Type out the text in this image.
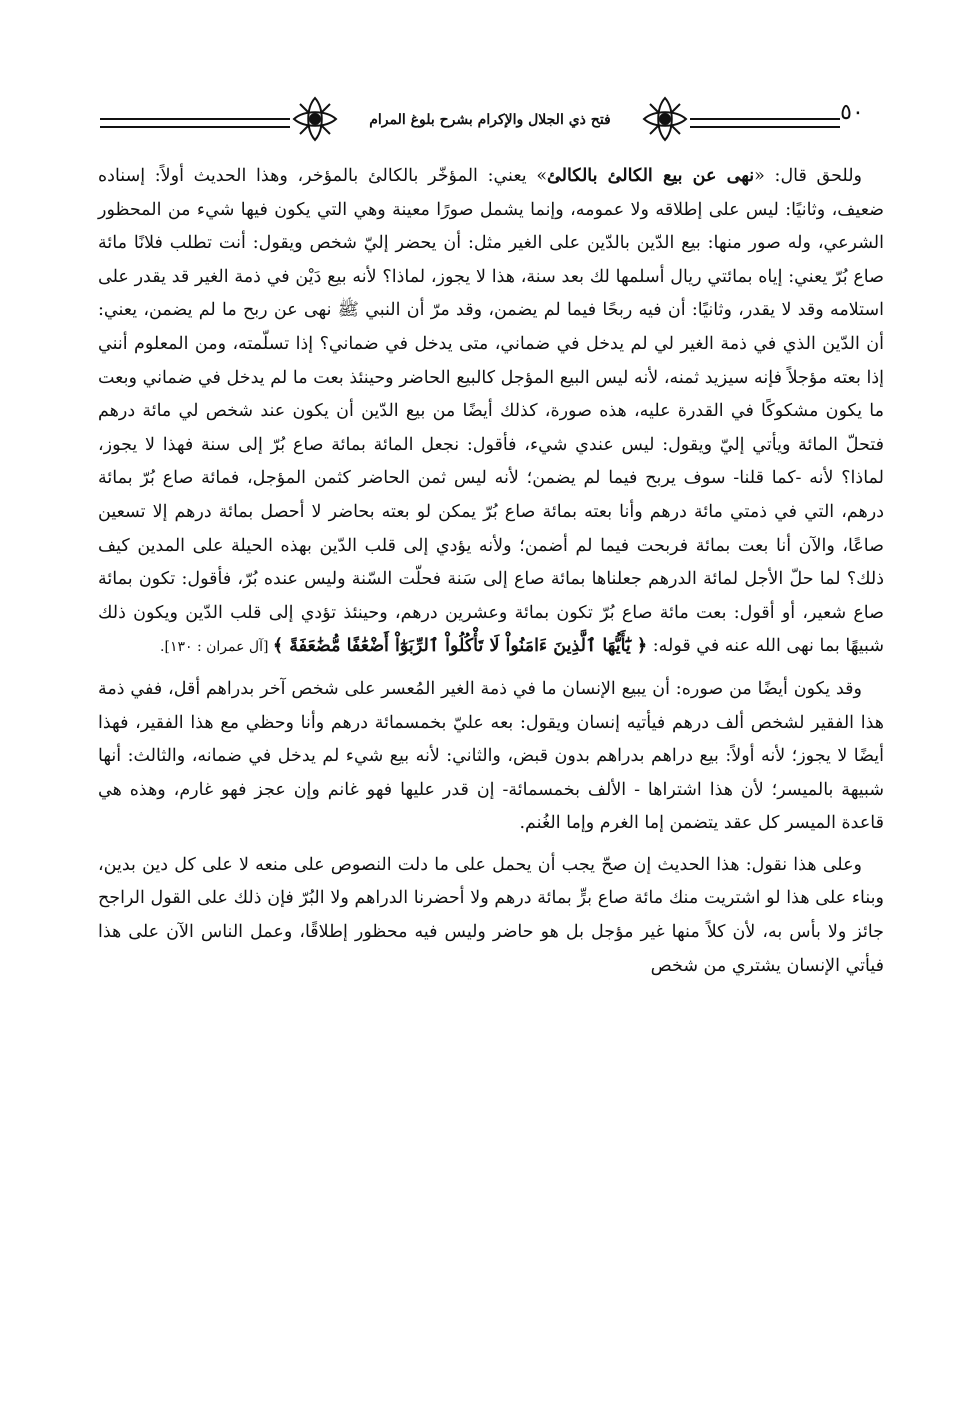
فتح ذي الجلال والإكرام بشرح بلوغ المرام	٥٠

وللحق قال: «نهى عن بيع الكالئ بالكالئ» يعني: المؤخّر بالكالئ بالمؤخر، وهذا الحديث أولاً: إسناده ضعيف، وثانيًا: ليس على إطلاقه ولا عمومه، وإنما يشمل صورًا معينة وهي التي يكون فيها شيء من المحظور الشرعي، وله صور منها: بيع الدّين بالدّين على الغير مثل: أن يحضر إليّ شخص ويقول: أنت تطلب فلانًا مائة صاع بُرّ يعني: إياه بمائتي ريال أسلمها لك بعد سنة، هذا لا يجوز، لماذا؟ لأنه بيع دَيْن في ذمة الغير قد يقدر على استلامه وقد لا يقدر، وثانيًا: أن فيه ربحًا فيما لم يضمن، وقد مرّ أن النبي ﷺ نهى عن ربح ما لم يضمن، يعني: أن الدّين الذي في ذمة الغير لي لم يدخل في ضماني، متى يدخل في ضماني؟ إذا تسلّمته، ومن المعلوم أنني إذا بعته مؤجلاً فإنه سيزيد ثمنه، لأنه ليس البيع المؤجل كالبيع الحاضر وحينئذ بعت ما لم يدخل في ضماني وبعت ما يكون مشكوكًا في القدرة عليه، هذه صورة، كذلك أيضًا من بيع الدّين أن يكون عند شخص لي مائة درهم فتحلّ المائة ويأتي إليّ ويقول: ليس عندي شيء، فأقول: نجعل المائة بمائة صاع بُرّ إلى سنة فهذا لا يجوز، لماذا؟ لأنه -كما قلنا- سوف يربح فيما لم يضمن؛ لأنه ليس ثمن الحاضر كثمن المؤجل، فمائة صاع بُرّ بمائة درهم، التي في ذمتي مائة درهم وأنا بعته بمائة صاع بُرّ يمكن لو بعته بحاضر لا أحصل بمائة درهم إلا تسعين صاعًا، والآن أنا بعت بمائة فربحت فيما لم أضمن؛ ولأنه يؤدي إلى قلب الدّين بهذه الحيلة على المدين كيف ذلك؟ لما حلّ الأجل لمائة الدرهم جعلناها بمائة صاع إلى سَنة فحلّت السّنة وليس عنده بُرّ، فأقول: تكون بمائة صاع شعير، أو أقول: بعت مائة صاع بُرّ تكون بمائة وعشرين درهم، وحينئذ تؤدي إلى قلب الدّين ويكون ذلك شبيهًا بما نهى الله عنه في قوله: ﴿ يَٰٓأَيُّهَا ٱلَّذِينَ ءَامَنُواْ لَا تَأْكُلُواْ ٱلرِّبَوٰٓاْ أَضْعَٰفًا مُّضَٰعَفَةً ﴾ [آل عمران : ١٣٠].

وقد يكون أيضًا من صوره: أن يبيع الإنسان ما في ذمة الغير المُعسر على شخص آخر بدراهم أقل، ففي ذمة هذا الفقير لشخص ألف درهم فيأتيه إنسان ويقول: بعه عليّ بخمسمائة درهم وأنا وحظي مع هذا الفقير، فهذا أيضًا لا يجوز؛ لأنه أولاً: بيع دراهم بدراهم بدون قبض، والثاني: لأنه بيع شيء لم يدخل في ضمانه، والثالث: أنها شبيهة بالميسر؛ لأن هذا اشتراها - الألف بخمسمائة- إن قدر عليها فهو غانم وإن عجز فهو غارم، وهذه هي قاعدة الميسر كل عقد يتضمن إما الغرم وإما الغُنم.

وعلى هذا نقول: هذا الحديث إن صحّ يجب أن يحمل على ما دلت النصوص على منعه لا على كل دين بدين، وبناء على هذا لو اشتريت منك مائة صاع برٍّ بمائة درهم ولا أحضرنا الدراهم ولا البُرّ فإن ذلك على القول الراجح جائز ولا بأس به، لأن كلاً منها غير مؤجل بل هو حاضر وليس فيه محظور إطلاقًا، وعمل الناس الآن على هذا فيأتي الإنسان يشتري من شخص
